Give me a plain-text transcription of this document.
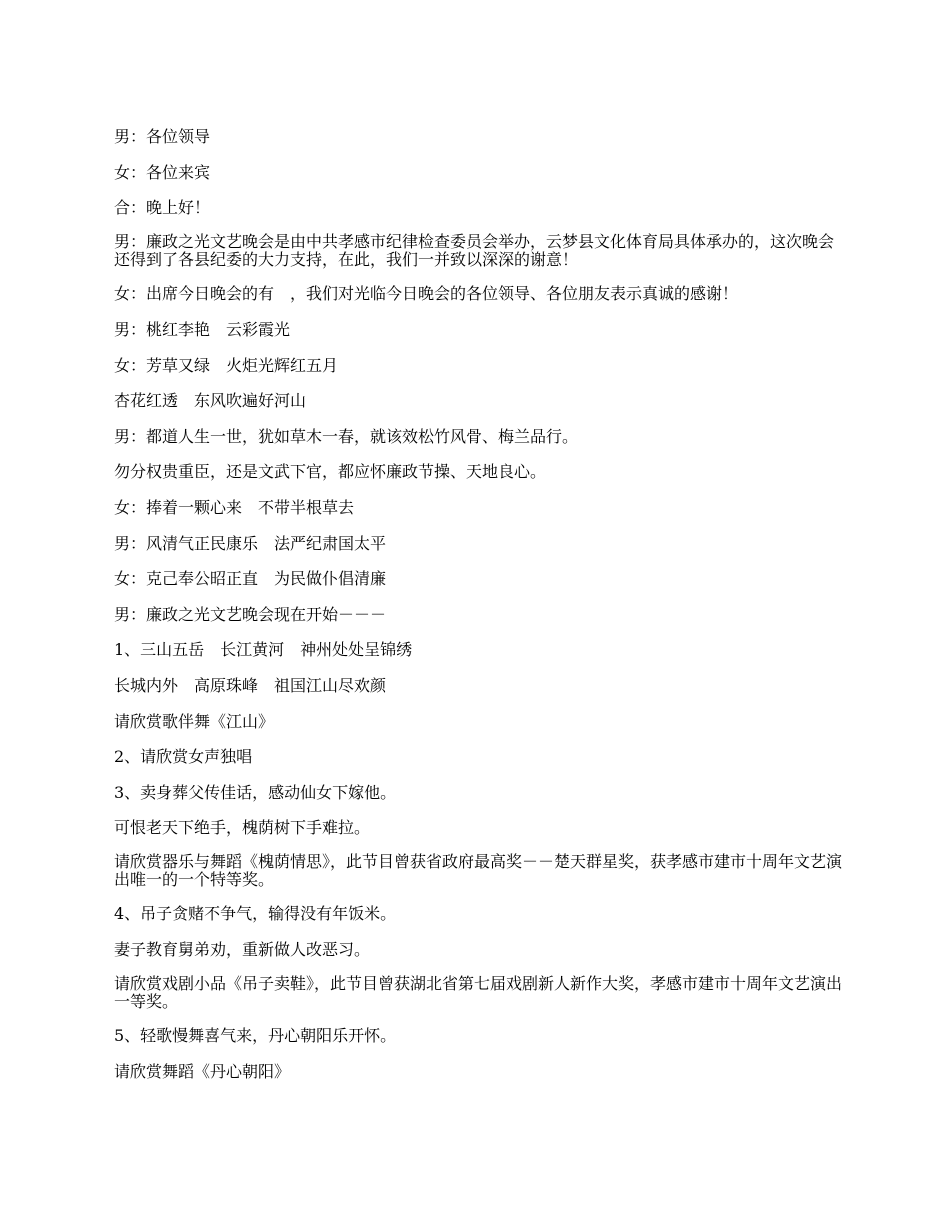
男：各位领导

女：各位来宾

合：晚上好！

男：廉政之光文艺晚会是由中共孝感市纪律检查委员会举办，云梦县文化体育局具体承办的，这次晚会还得到了各县纪委的大力支持，在此，我们一并致以深深的谢意！

女：出席今日晚会的有　，我们对光临今日晚会的各位领导、各位朋友表示真诚的感谢！

男：桃红李艳　云彩霞光

女：芳草又绿　火炬光辉红五月

杏花红透　东风吹遍好河山

男：都道人生一世，犹如草木一春，就该效松竹风骨、梅兰品行。

勿分权贵重臣，还是文武下官，都应怀廉政节操、天地良心。

女：捧着一颗心来　不带半根草去

男：风清气正民康乐　法严纪肃国太平

女：克己奉公昭正直　为民做仆倡清廉

男：廉政之光文艺晚会现在开始－－－

1、三山五岳　长江黄河　神州处处呈锦绣

长城内外　高原珠峰　祖国江山尽欢颜

请欣赏歌伴舞《江山》

2、请欣赏女声独唱

3、卖身葬父传佳话，感动仙女下嫁他。

可恨老天下绝手，槐荫树下手难拉。

请欣赏器乐与舞蹈《槐荫情思》，此节目曾获省政府最高奖－－楚天群星奖，获孝感市建市十周年文艺演出唯一的一个特等奖。

4、吊子贪赌不争气，输得没有年饭米。

妻子教育舅弟劝，重新做人改恶习。

请欣赏戏剧小品《吊子卖鞋》，此节目曾获湖北省第七届戏剧新人新作大奖，孝感市建市十周年文艺演出一等奖。

5、轻歌慢舞喜气来，丹心朝阳乐开怀。

请欣赏舞蹈《丹心朝阳》
